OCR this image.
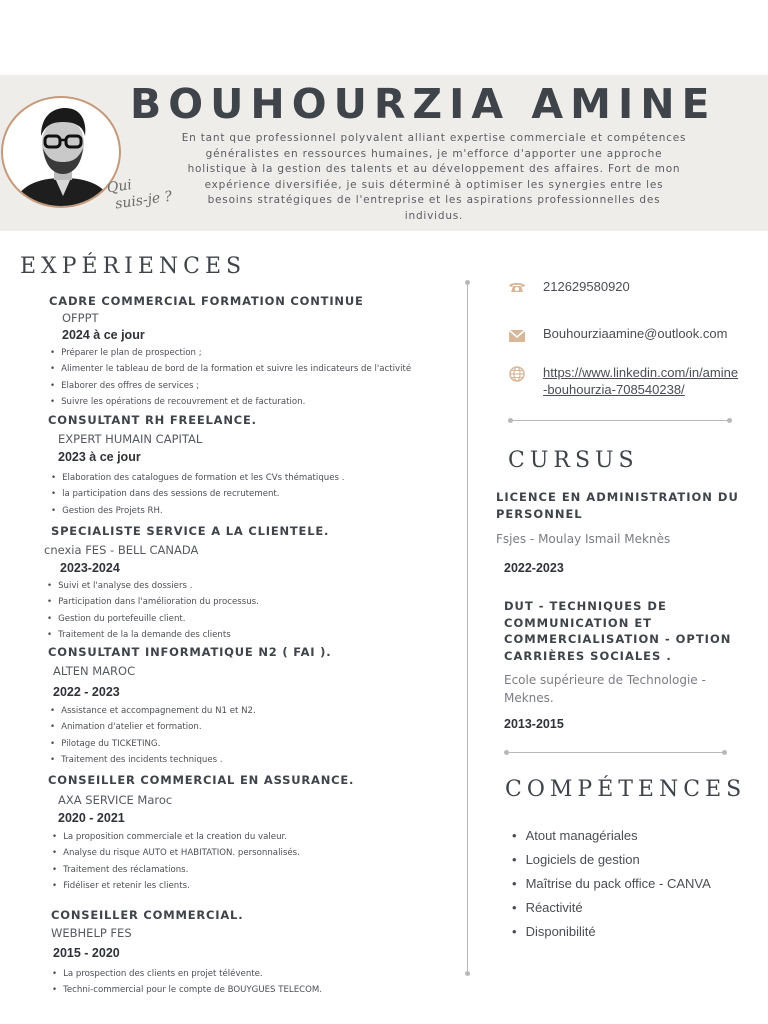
Qui
suis-je ?
BOUHOURZIA AMINE
En tant que professionnel polyvalent alliant expertise commerciale et compétences généralistes en ressources humaines, je m'efforce d'apporter une approche holistique à la gestion des talents et au développement des affaires. Fort de mon expérience diversifiée, je suis déterminé à optimiser les synergies entre les besoins stratégiques de l'entreprise et les aspirations professionnelles des individus.
EXPÉRIENCES
CADRE COMMERCIAL FORMATION CONTINUE
OFPPT
2024 à ce jour
• Préparer le plan de prospection ;
• Alimenter le tableau de bord de la formation et suivre les indicateurs de l'activité
• Elaborer des offres de services ;
• Suivre les opérations de recouvrement et de facturation.
CONSULTANT RH FREELANCE.
EXPERT HUMAIN CAPITAL
2023 à ce jour
• Elaboration des catalogues de formation et les CVs thématiques .
• la participation dans des sessions de recrutement.
• Gestion des Projets RH.
SPECIALISTE SERVICE A LA CLIENTELE.
cnexia FES - BELL CANADA
2023-2024
• Suivi et l'analyse des dossiers .
• Participation dans l'amélioration du processus.
• Gestion du portefeuille client.
• Traitement de la la demande des clients
CONSULTANT INFORMATIQUE N2 ( FAI ).
ALTEN MAROC
2022 - 2023
• Assistance et accompagnement du N1 et N2.
• Animation d'atelier et formation.
• Pilotage du TICKETING.
• Traitement des incidents techniques .
CONSEILLER COMMERCIAL EN ASSURANCE.
AXA SERVICE Maroc
2020 - 2021
• La proposition commerciale et la creation du valeur.
• Analyse du risque AUTO et HABITATION. personnalisés.
• Traitement des réclamations.
• Fidéliser et retenir les clients.
CONSEILLER COMMERCIAL.
WEBHELP FES
2015 - 2020
• La prospection des clients en projet télévente.
• Techni-commercial pour le compte de BOUYGUES TELECOM.
212629580920
Bouhourziaamine@outlook.com
https://www.linkedin.com/in/amine-bouhourzia-708540238/
CURSUS
LICENCE EN ADMINISTRATION DU PERSONNEL
Fsjes - Moulay Ismail Meknès
2022-2023
DUT - TECHNIQUES DE COMMUNICATION ET COMMERCIALISATION - OPTION CARRIÈRES SOCIALES .
Ecole supérieure de Technologie - Meknes.
2013-2015
COMPÉTENCES
• Atout managériales
• Logiciels de gestion
• Maîtrise du pack office - CANVA
• Réactivité
• Disponibilité
